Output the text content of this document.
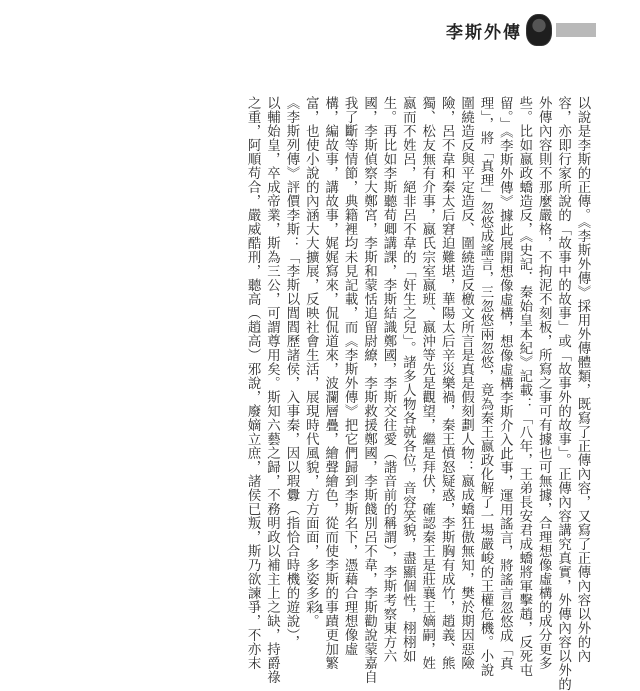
李斯外傳
以說是李斯的正傳。《李斯外傳》採用外傳體類，既寫了正傳內容，又寫了正傳內容以外的內
容，亦即行家所說的「故事中的故事」或「故事外的故事」。正傳內容講究真實，外傳內容以外的
外傳內容則不那麼嚴格，不拘泥不刻板，所寫之事可有據也可無據，合理想像虛構的成分更多
些。比如嬴政蟜造反，《史記．秦始皇本紀》記載：「八年，王弟長安君成蟜將軍擊趙，反死屯
留。」《李斯外傳》據此展開想像虛構，想像虛構李斯介入此事，運用謠言，將謠言忽悠成「真
理」，將「真理」忽悠成謠言，三忽悠兩忽悠，竟為秦王嬴政化解了一場嚴峻的王權危機。小說
圍繞造反與平定造反、圍繞造反檄文所言是真是假刻劃人物：嬴成蟜狂傲無知，樊於期因惡險
險，呂不韋和秦太后窘迫難堪，華陽太后辛災樂禍，秦王憤怒疑惑，李斯胸有成竹，趙義、熊
獨、松友無有介事，嬴氏宗室嬴班、嬴沖等先是觀望，繼是拜伏，確認秦王是莊襄王嫡嗣，姓
嬴而不姓呂，絕非呂不韋的「奸生之兒」。諸多人物各就各位，音容笑貌，盡顯個性，栩栩如
生。再比如李斯聽荀卿講課，李斯結識鄭國，李斯交往愛（諧音前的稱謂），李斯考察東方六
國，李斯偵察大鄭宮，李斯和蒙恬追留尉繚，李斯救援鄭國，李斯餞別呂不韋，李斯勸說蒙嘉自
我了斷等情節，典籍裡均未見記載，而《李斯外傳》把它們歸到李斯名下，憑藉合理想像虛
構，編故事，講故事，娓娓寫來，侃侃道來，波瀾層疊，繪聲繪色，從而使李斯的事蹟更加繁
富，也使小說的內涵大大擴展，反映社會生活，展現時代風貌，方方面面，多姿多彩。
《李斯列傳》評價李斯：「李斯以閭閻歷諸侯，入事秦，因以瑕釁（指恰合時機的遊說），
以輔始皇，卒成帝業，斯為三公，可謂尊用矣。斯知六藝之歸，不務明政以補主上之缺，持爵祿
之重，阿順苟合，嚴威酷刑，聽高（趙高）邪說，廢嫡立庶，諸侯已叛，斯乃欲諫爭，不亦末	4
